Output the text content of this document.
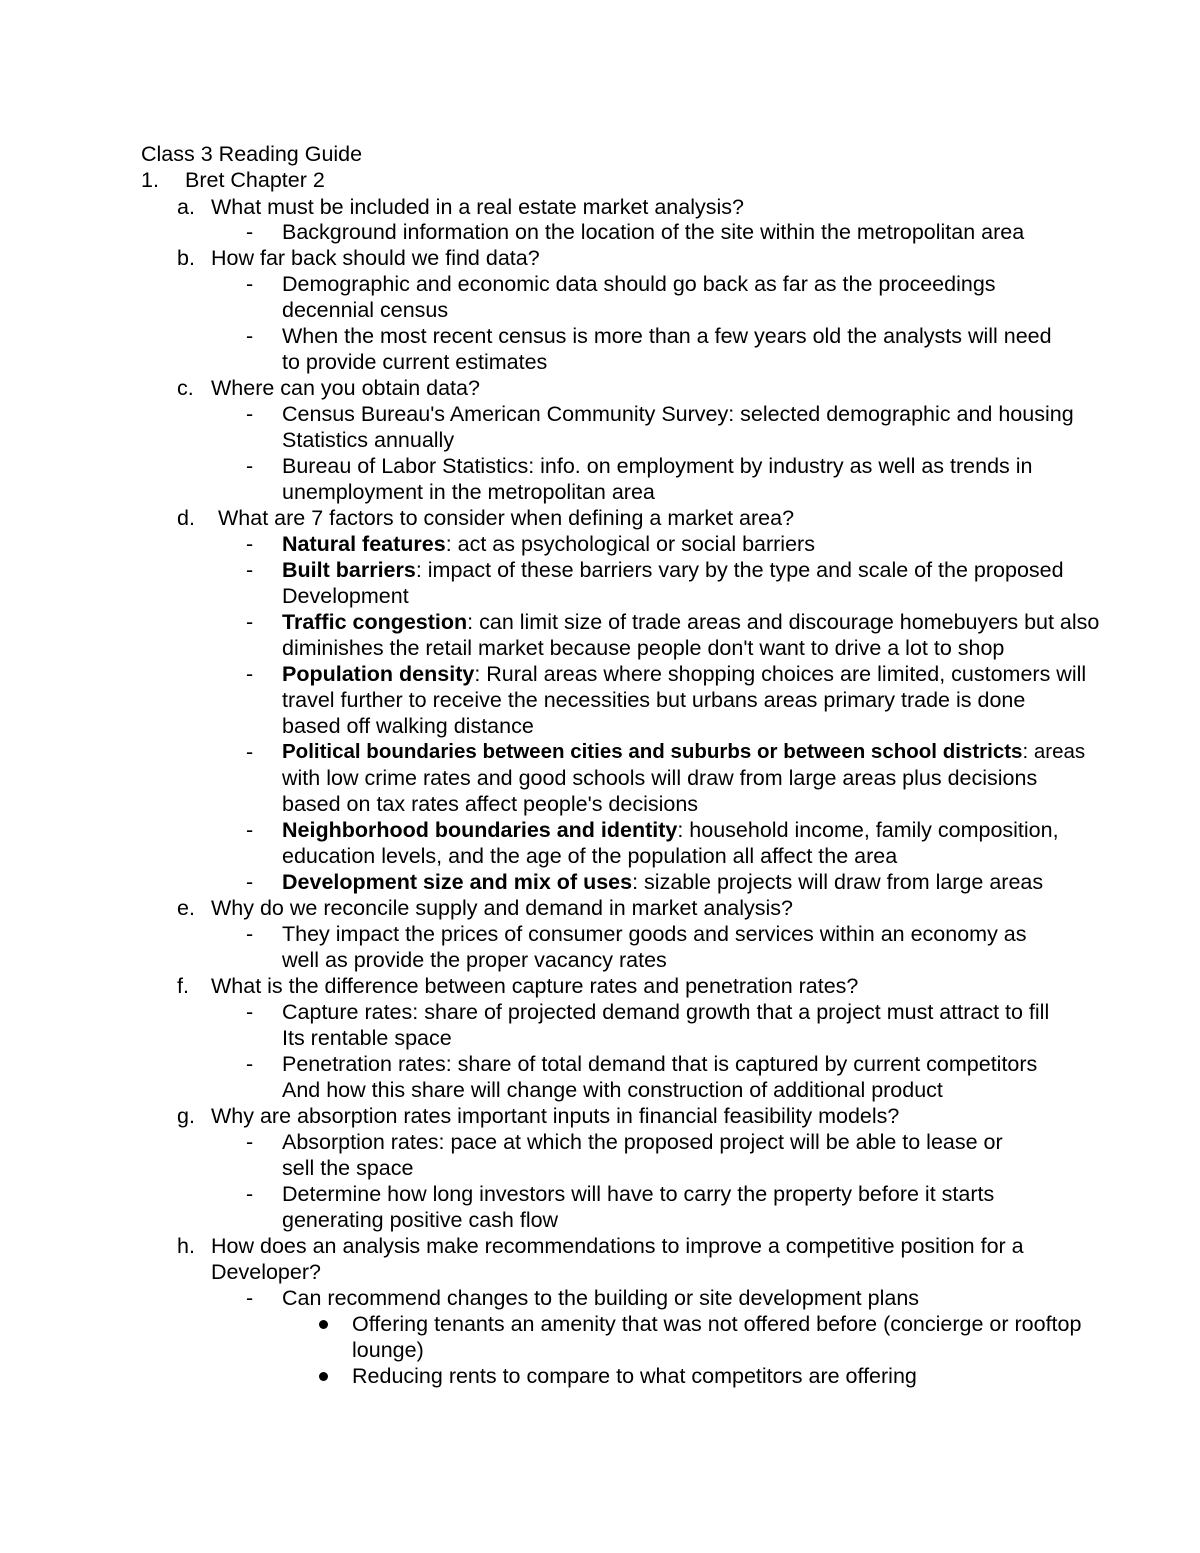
Class 3 Reading Guide
1. Bret Chapter 2
a. What must be included in a real estate market analysis?
- Background information on the location of the site within the metropolitan area
b. How far back should we find data?
- Demographic and economic data should go back as far as the proceedings
decennial census
- When the most recent census is more than a few years old the analysts will need
to provide current estimates
c. Where can you obtain data?
- Census Bureau's American Community Survey: selected demographic and housing
Statistics annually
- Bureau of Labor Statistics: info. on employment by industry as well as trends in
unemployment in the metropolitan area
d. What are 7 factors to consider when defining a market area?
- Natural features: act as psychological or social barriers
- Built barriers: impact of these barriers vary by the type and scale of the proposed
Development
- Traffic congestion: can limit size of trade areas and discourage homebuyers but also
diminishes the retail market because people don't want to drive a lot to shop
- Population density: Rural areas where shopping choices are limited, customers will
travel further to receive the necessities but urbans areas primary trade is done
based off walking distance
- Political boundaries between cities and suburbs or between school districts: areas
with low crime rates and good schools will draw from large areas plus decisions
based on tax rates affect people's decisions
- Neighborhood boundaries and identity: household income, family composition,
education levels, and the age of the population all affect the area
- Development size and mix of uses: sizable projects will draw from large areas
e. Why do we reconcile supply and demand in market analysis?
- They impact the prices of consumer goods and services within an economy as
well as provide the proper vacancy rates
f. What is the difference between capture rates and penetration rates?
- Capture rates: share of projected demand growth that a project must attract to fill
Its rentable space
- Penetration rates: share of total demand that is captured by current competitors
And how this share will change with construction of additional product
g. Why are absorption rates important inputs in financial feasibility models?
- Absorption rates: pace at which the proposed project will be able to lease or
sell the space
- Determine how long investors will have to carry the property before it starts
generating positive cash flow
h. How does an analysis make recommendations to improve a competitive position for a
Developer?
- Can recommend changes to the building or site development plans
Offering tenants an amenity that was not offered before (concierge or rooftop
lounge)
Reducing rents to compare to what competitors are offering
